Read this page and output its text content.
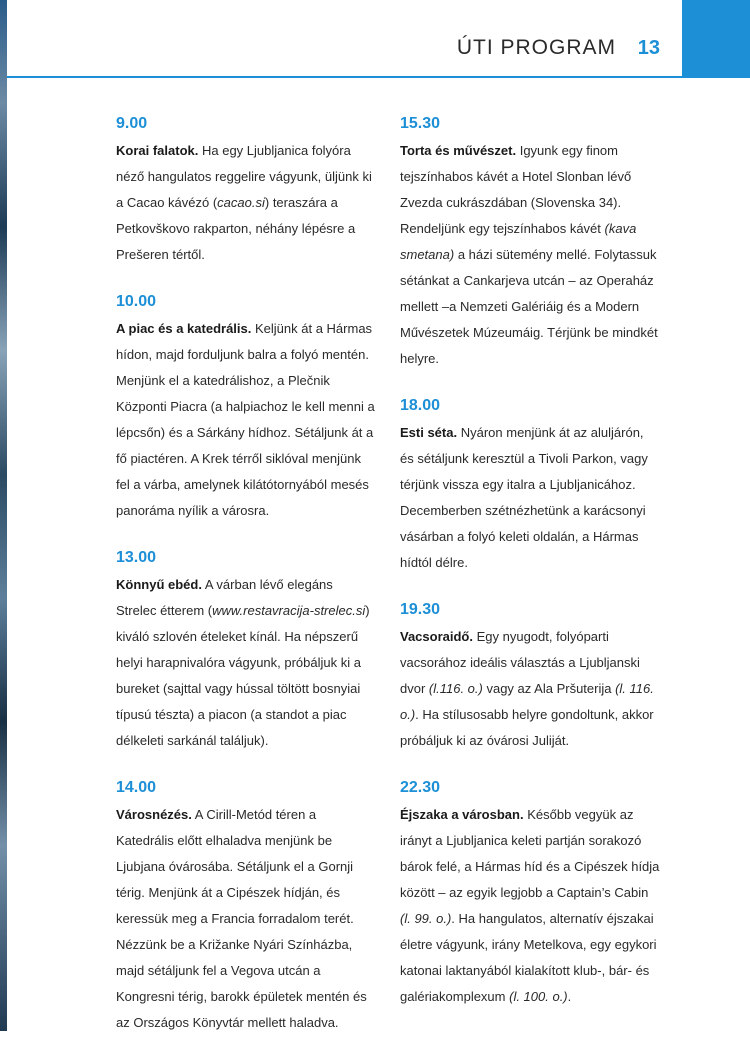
ÚTI PROGRAM 13
9.00
Korai falatok. Ha egy Ljubljanica folyóra néző hangulatos reggelire vágyunk, üljünk ki a Cacao kávézó (cacao.si) teraszára a Petkovškovo rakparton, néhány lépésre a Prešeren tértől.
10.00
A piac és a katedrális. Keljünk át a Hármas hídon, majd forduljunk balra a folyó mentén. Menjünk el a katedrálishoz, a Plečnik Központi Piacra (a halpiachoz le kell menni a lépcsőn) és a Sárkány hídhoz. Sétáljunk át a fő piactéren. A Krek térről siklóval menjünk fel a várba, amelynek kilátótornyából mesés panoráma nyílik a városra.
13.00
Könnyű ebéd. A várban lévő elegáns Strelec étterem (www.restavracija-strelec.si) kiváló szlovén ételeket kínál. Ha népszerű helyi harapnivalóra vágyunk, próbáljuk ki a bureket (sajttal vagy hússal töltött bosnyiai típusú tészta) a piacon (a standot a piac délkeleti sarkánál találjuk).
14.00
Városnézés. A Cirill-Metód téren a Katedrális előtt elhaladva menjünk be Ljubjana óvárosába. Sétáljunk el a Gornji térig. Menjünk át a Cipészek hídján, és keressük meg a Francia forradalom terét. Nézzünk be a Križanke Nyári Színházba, majd sétáljunk fel a Vegova utcán a Kongresni térig, barokk épületek mentén és az Országos Könyvtár mellett haladva.
15.30
Torta és művészet. Igyunk egy finom tejszínhabos kávét a Hotel Slonban lévő Zvezda cukrászdában (Slovenska 34). Rendeljünk egy tejszínhabos kávét (kava smetana) a házi sütemény mellé. Folytassuk sétánkat a Cankarjeva utcán – az Operaház mellett –a Nemzeti Galériáig és a Modern Művészetek Múzeumáig. Térjünk be mindkét helyre.
18.00
Esti séta. Nyáron menjünk át az aluljárón, és sétáljunk keresztül a Tivoli Parkon, vagy térjünk vissza egy italra a Ljubljanicához. Decemberben szétnézhetünk a karácsonyi vásárban a folyó keleti oldalán, a Hármas hídtól délre.
19.30
Vacsoraidő. Egy nyugodt, folyóparti vacsorához ideális választás a Ljubljanski dvor (l.116. o.) vagy az Ala Pršuterija (l. 116. o.). Ha stílusosabb helyre gondoltunk, akkor próbáljuk ki az óvárosi Juliját.
22.30
Éjszaka a városban. Később vegyük az irányt a Ljubljanica keleti partján sorakozó bárok felé, a Hármas híd és a Cipészek hídja között – az egyik legjobb a Captain’s Cabin (l. 99. o.). Ha hangulatos, alternatív éjszakai életre vágyunk, irány Metelkova, egy egykori katonai laktanyából kialakított klub-, bár- és galériakomplexum (l. 100. o.).
